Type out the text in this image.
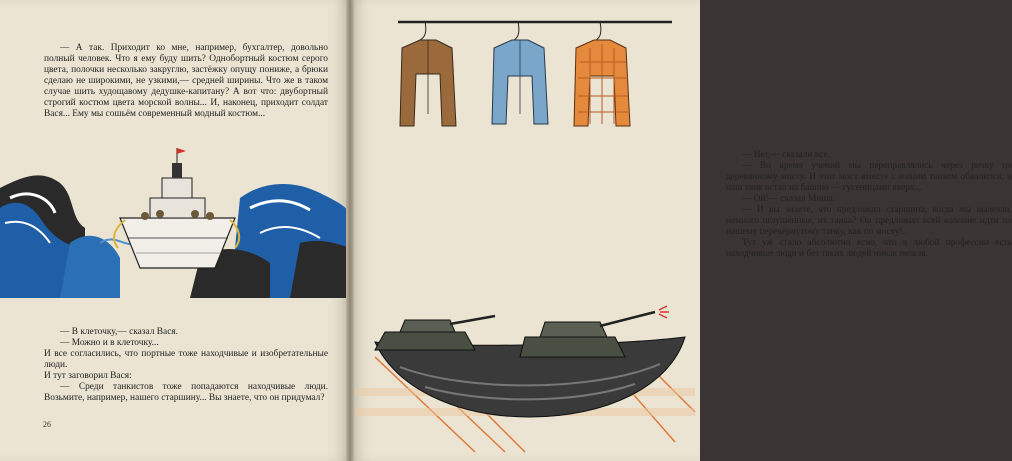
— А так. Приходит ко мне, например, бухгалтер, довольно полный человек. Что я ему буду шить? Однобортный костюм серого цвета, полочки несколько закруглю, застёжку опущу пониже, а брюки сделаю не широкими, не узкими,— средней ширины. Что же в таком случае шить худощавому дедушке-капитану? А вот что: двубортный строгий костюм цвета морской волны... И, наконец, приходит солдат Вася... Ему мы сошьём современный модный костюм...

— В клеточку,— сказал Вася.

— Можно и в клеточку...

И все согласились, что портные тоже находчивые и изобретательные люди.

И тут заговорил Вася:

— Среди танкистов тоже попадаются находчивые люди. Возьмите, например, нашего старшину... Вы знаете, что он придумал?

26

— Нет,— сказали все.

— Во время учений мы переправлялись через речку по деревянному мосту. И этот мост вместе с нашим танком обвалился, и наш танк встал на башню — гусеницами вверх...

— Ой!— сказал Миша.

— И вы знаете, что предложил старшина, когда мы вылезли, немного оглушённые, из танка? Он предложил всей колонне идти по нашему перевёрнутому танку, как по мосту!..

Тут уж стало абсолютно ясно, что в любой профессии есть находчивые люди и без таких людей никак нельзя.
